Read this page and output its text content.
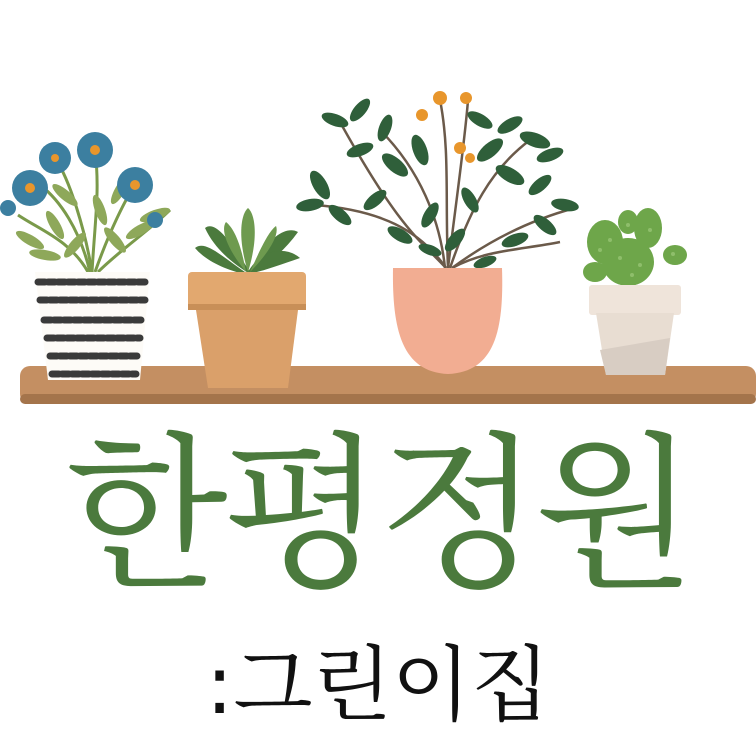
한평정원
:그린이집
